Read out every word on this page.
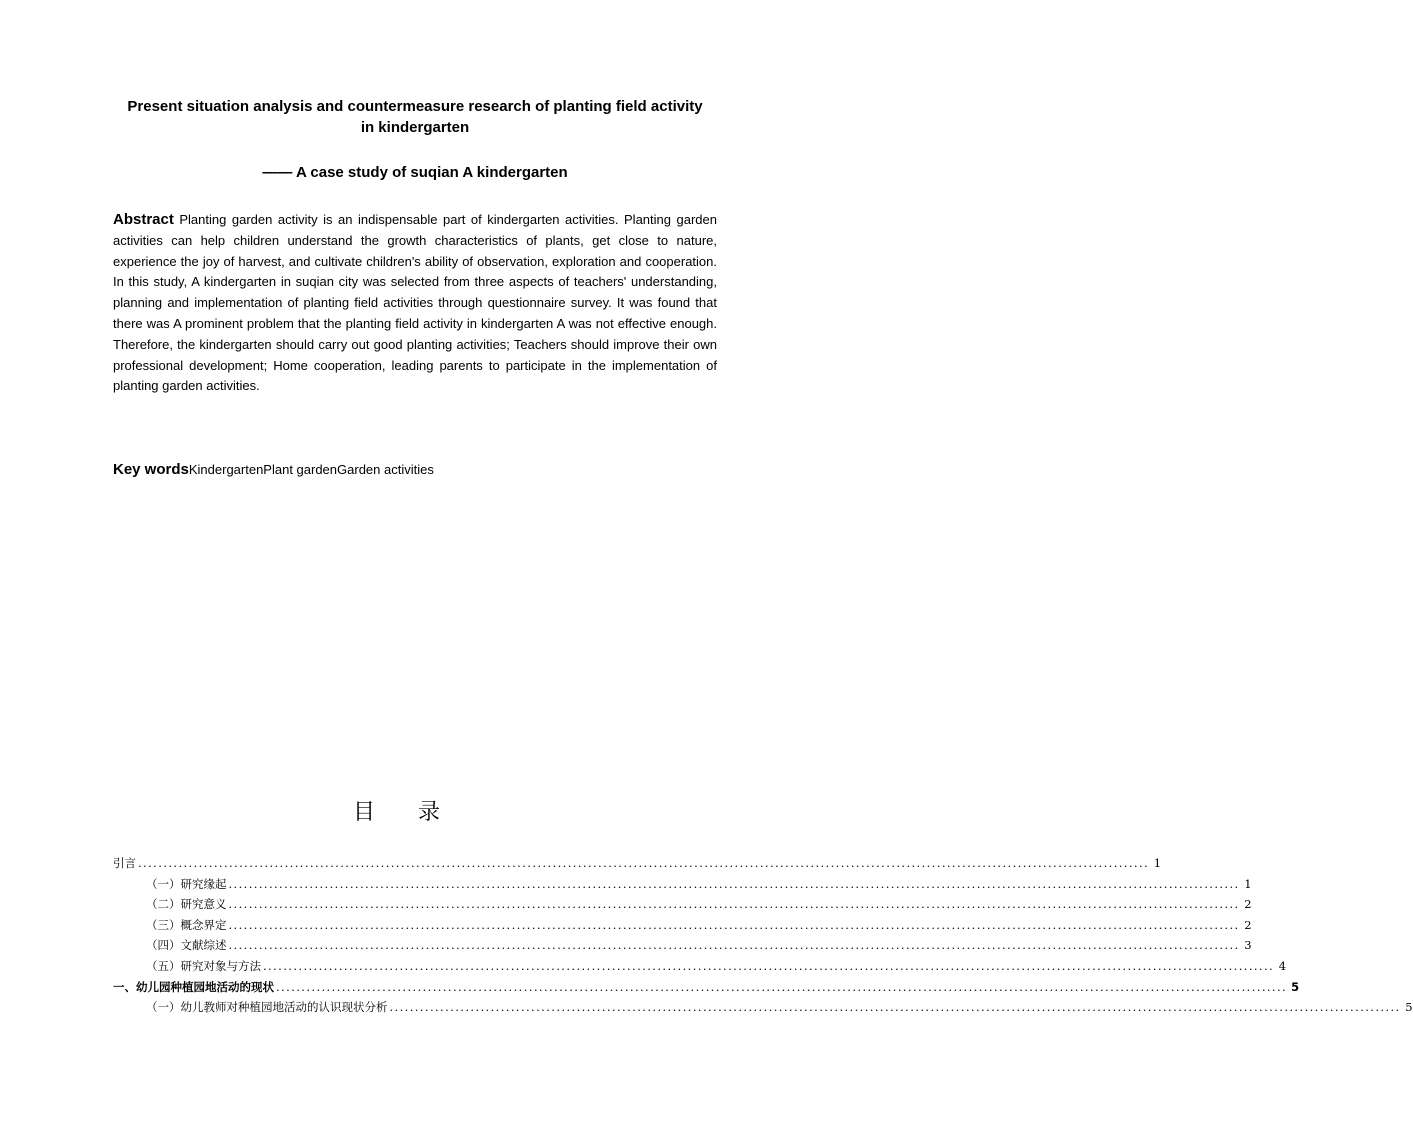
Present situation analysis and countermeasure research of planting field activity in kindergarten
—— A case study of suqian A kindergarten
Abstract Planting garden activity is an indispensable part of kindergarten activities. Planting garden activities can help children understand the growth characteristics of plants, get close to nature, experience the joy of harvest, and cultivate children's ability of observation, exploration and cooperation. In this study, A kindergarten in suqian city was selected from three aspects of teachers' understanding, planning and implementation of planting field activities through questionnaire survey. It was found that there was A prominent problem that the planting field activity in kindergarten A was not effective enough. Therefore, the kindergarten should carry out good planting activities; Teachers should improve their own professional development; Home cooperation, leading parents to participate in the implementation of planting garden activities.
Key wordsKindergartenPlant gardenGarden activities
目 录
引言 ........................................................................................................................................................................................................ 1
（一）研究缘起 ........................................................................................................................................................................................................ 1
（二）研究意义 ........................................................................................................................................................................................................ 2
（三）概念界定 ........................................................................................................................................................................................................ 2
（四）文献综述 ........................................................................................................................................................................................................ 3
（五）研究对象与方法 ........................................................................................................................................................................................................ 4
一、幼儿园种植园地活动的现状 ........................................................................................................................................................................................................ 5
（一）幼儿教师对种植园地活动的认识现状分析 ........................................................................................................................................................................................................ 5
